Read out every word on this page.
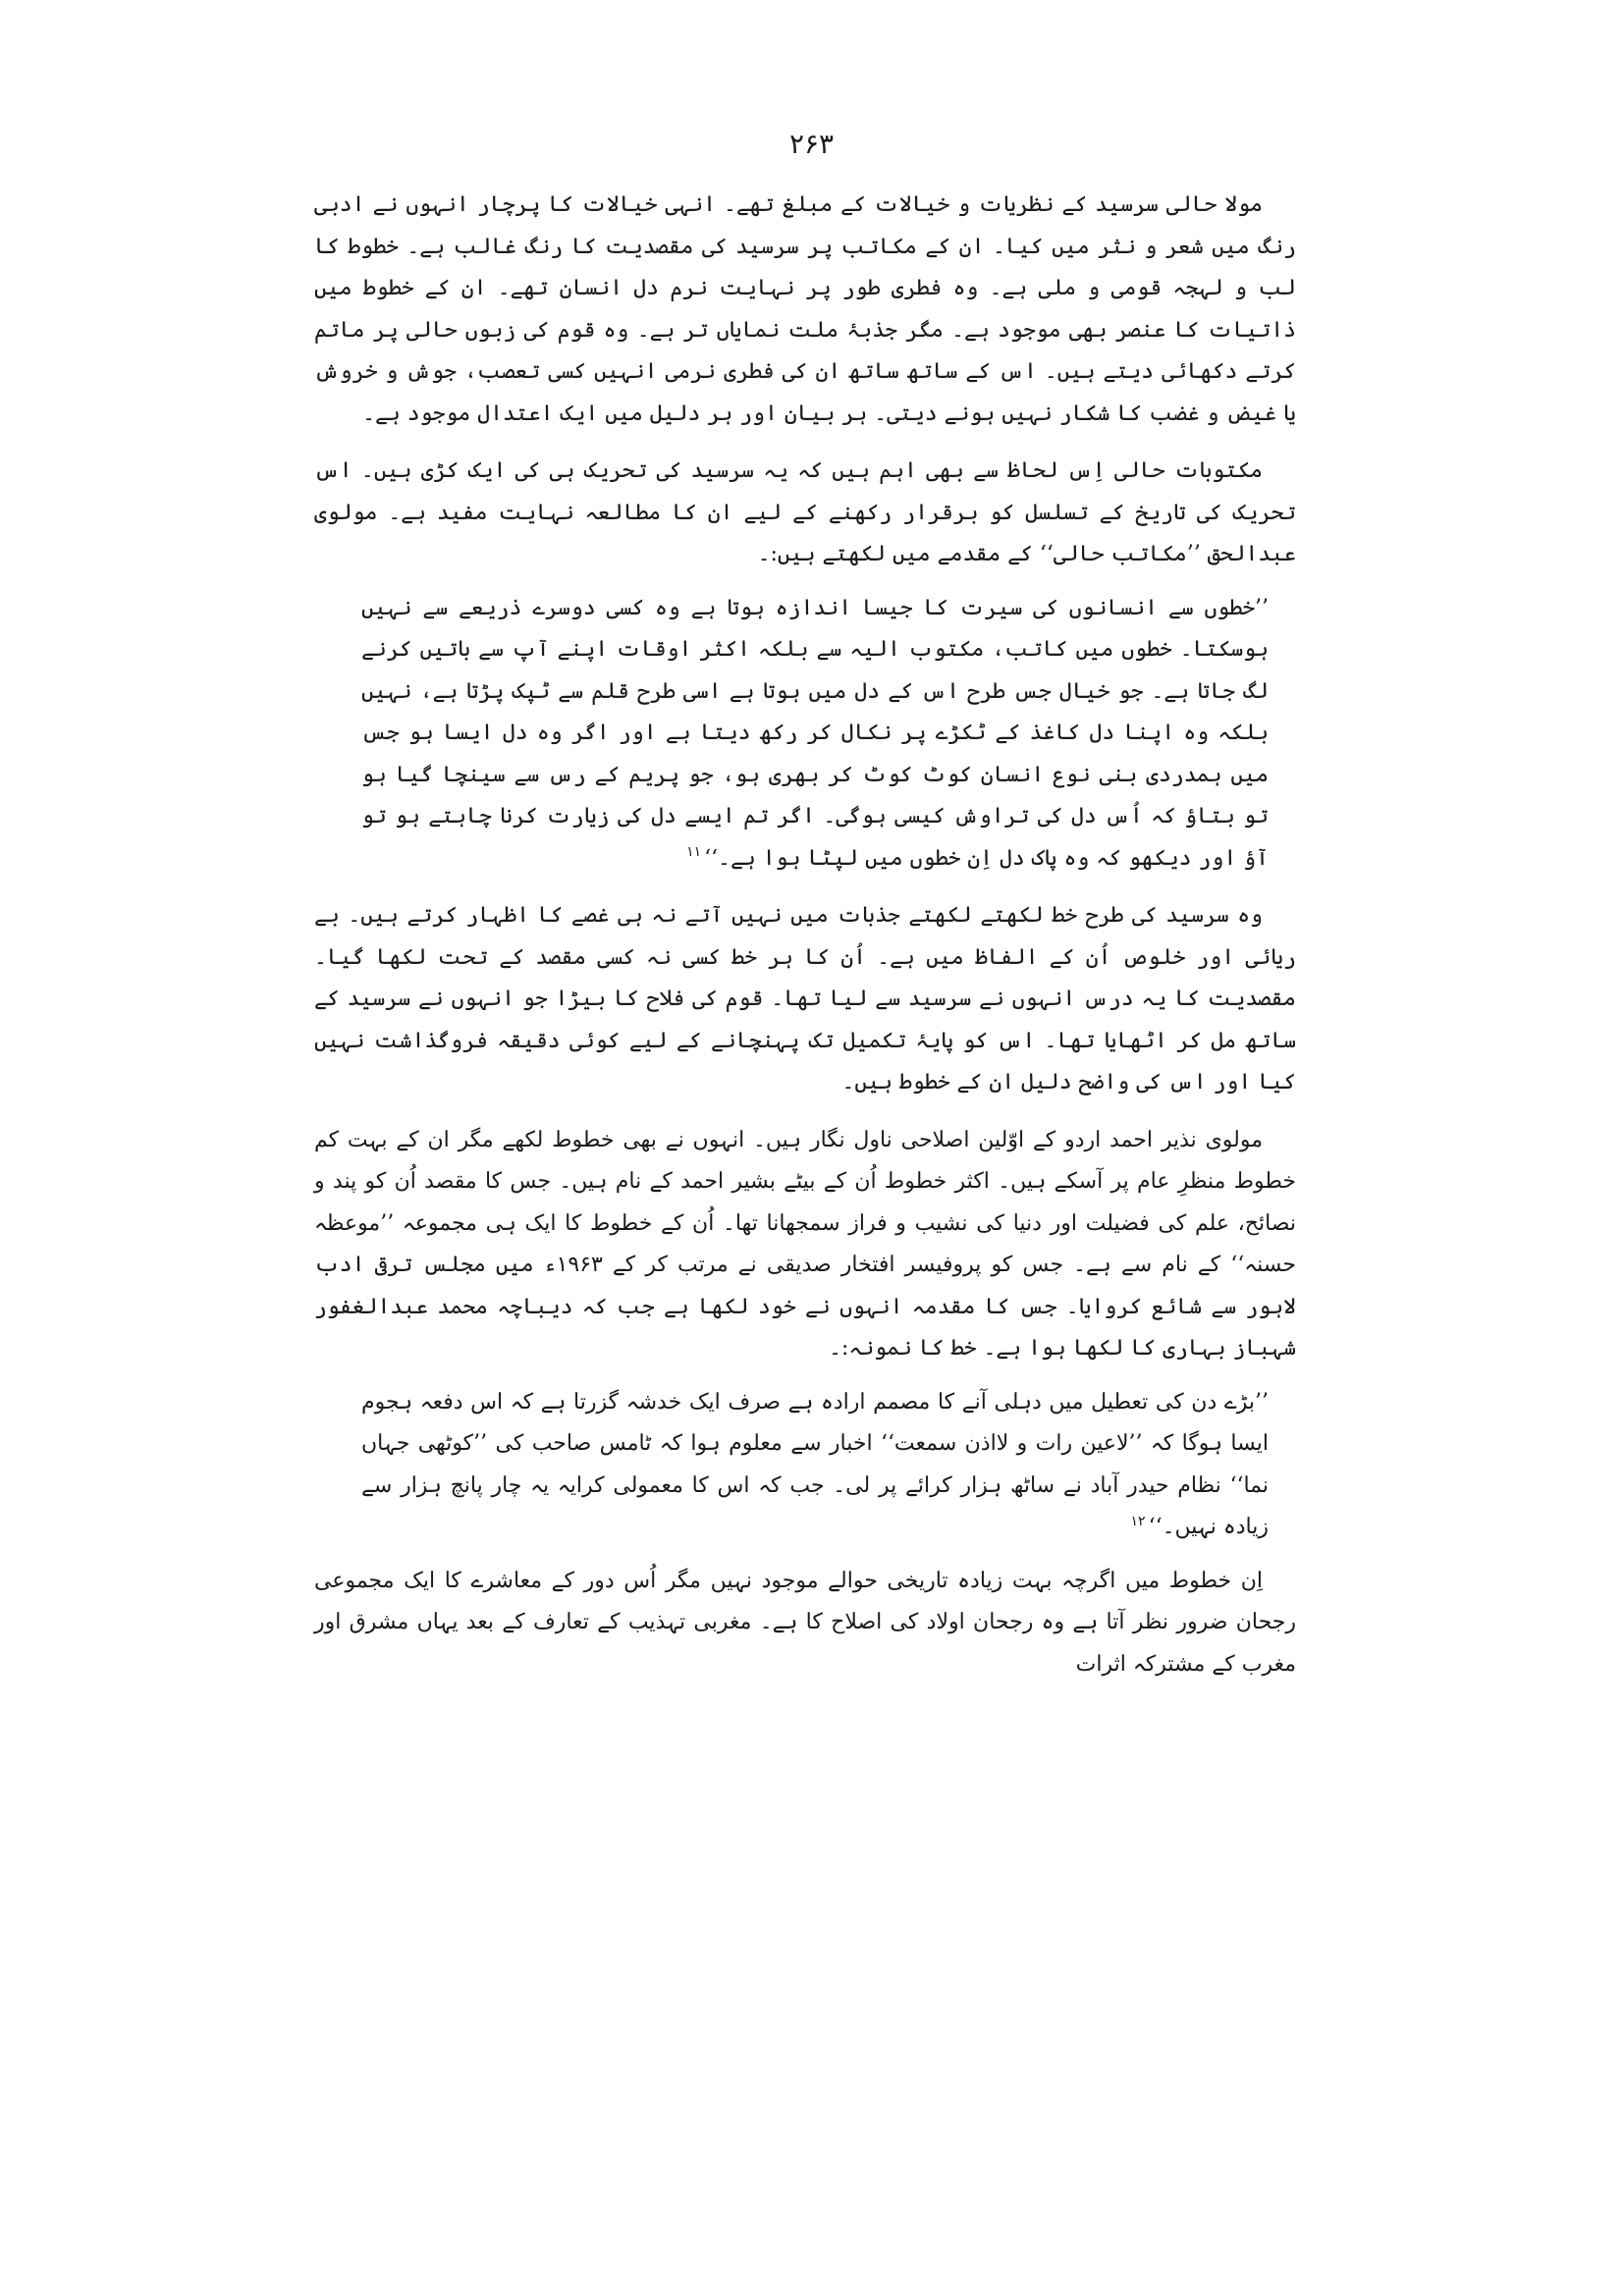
۲۶۳

مولا حالی سرسید کے نظریات و خیالات کے مبلغ تھے۔ انہی خیالات کا پرچار انہوں نے ادبی رنگ میں شعر و نثر میں کیا۔ ان کے مکاتب پر سرسید کی مقصدیت کا رنگ غالب ہے۔ خطوط کا لب و لہجہ قومی و ملی ہے۔ وہ فطری طور پر نہایت نرم دل انسان تھے۔ ان کے خطوط میں ذاتیات کا عنصر بھی موجود ہے۔ مگر جذبۂ ملت نمایاں تر ہے۔ وہ قوم کی زبوں حالی پر ماتم کرتے دکھائی دیتے ہیں۔ اس کے ساتھ ساتھ ان کی فطری نرمی انہیں کسی تعصب، جوش و خروش یا غیض و غضب کا شکار نہیں ہونے دیتی۔ ہر بیان اور ہر دلیل میں ایک اعتدال موجود ہے۔

مکتوبات حالی اِس لحاظ سے بھی اہم ہیں کہ یہ سرسید کی تحریک ہی کی ایک کڑی ہیں۔ اس تحریک کی تاریخ کے تسلسل کو برقرار رکھنے کے لیے ان کا مطالعہ نہایت مفید ہے۔ مولوی عبدالحق ’’مکاتب حالی‘‘ کے مقدمے میں لکھتے ہیں:۔

’’خطوں سے انسانوں کی سیرت کا جیسا اندازہ ہوتا ہے وہ کسی دوسرے ذریعے سے نہیں ہوسکتا۔ خطوں میں کاتب، مکتوب الیہ سے بلکہ اکثر اوقات اپنے آپ سے باتیں کرنے لگ جاتا ہے۔ جو خیال جس طرح اس کے دل میں ہوتا ہے اسی طرح قلم سے ٹپک پڑتا ہے، نہیں بلکہ وہ اپنا دل کاغذ کے ٹکڑے پر نکال کر رکھ دیتا ہے اور اگر وہ دل ایسا ہو جس میں ہمدردی بنی نوع انسان کوٹ کوٹ کر بھری ہو، جو پریم کے رس سے سینچا گیا ہو تو بتاؤ کہ اُس دل کی تراوش کیسی ہوگی۔ اگر تم ایسے دل کی زیارت کرنا چاہتے ہو تو آؤ اور دیکھو کہ وہ پاک دل اِن خطوں میں لپٹا ہوا ہے۔‘‘$^{۱۱}$

وہ سرسید کی طرح خط لکھتے لکھتے جذبات میں نہیں آتے نہ ہی غصے کا اظہار کرتے ہیں۔ بے ریائی اور خلوص اُن کے الفاظ میں ہے۔ اُن کا ہر خط کسی نہ کسی مقصد کے تحت لکھا گیا۔ مقصدیت کا یہ درس انہوں نے سرسید سے لیا تھا۔ قوم کی فلاح کا بیڑا جو انہوں نے سرسید کے ساتھ مل کر اٹھایا تھا۔ اس کو پایۂ تکمیل تک پہنچانے کے لیے کوئی دقیقہ فروگذاشت نہیں کیا اور اس کی واضح دلیل ان کے خطوط ہیں۔

مولوی نذیر احمد اردو کے اوّلین اصلاحی ناول نگار ہیں۔ انہوں نے بھی خطوط لکھے مگر ان کے بہت کم خطوط منظرِ عام پر آسکے ہیں۔ اکثر خطوط اُن کے بیٹے بشیر احمد کے نام ہیں۔ جس کا مقصد اُن کو پند و نصائح، علم کی فضیلت اور دنیا کی نشیب و فراز سمجھانا تھا۔ اُن کے خطوط کا ایک ہی مجموعہ ’’موعظہ حسنہ‘‘ کے نام سے ہے۔ جس کو پروفیسر افتخار صدیقی نے مرتب کر کے ۱۹۶۳ء میں مجلس ترقی ادب لاہور سے شائع کروایا۔ جس کا مقدمہ انہوں نے خود لکھا ہے جب کہ دیباچہ محمد عبدالغفور شہباز بہاری کا لکھا ہوا ہے۔ خط کا نمونہ:۔

’’بڑے دن کی تعطیل میں دہلی آنے کا مصمم ارادہ ہے صرف ایک خدشہ گزرتا ہے کہ اس دفعہ ہجوم ایسا ہوگا کہ ’’لاعین رات و لااذن سمعت‘‘ اخبار سے معلوم ہوا کہ ٹامس صاحب کی ’’کوٹھی جہاں نما‘‘ نظام حیدر آباد نے ساٹھ ہزار کرائے پر لی۔ جب کہ اس کا معمولی کرایہ یہ چار پانچ ہزار سے زیادہ نہیں۔‘‘$^{۱۲}$

اِن خطوط میں اگرچہ بہت زیادہ تاریخی حوالے موجود نہیں مگر اُس دور کے معاشرے کا ایک مجموعی رجحان ضرور نظر آتا ہے وہ رجحان اولاد کی اصلاح کا ہے۔ مغربی تہذیب کے تعارف کے بعد یہاں مشرق اور مغرب کے مشترکہ اثرات
